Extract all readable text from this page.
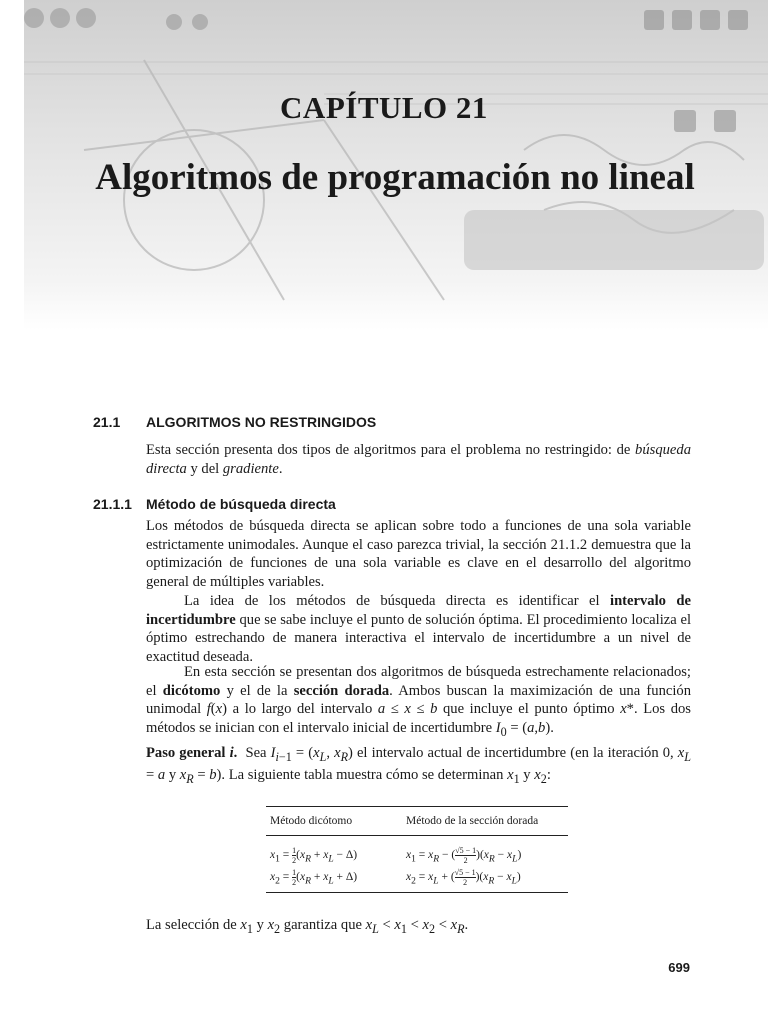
CAPÍTULO 21
Algoritmos de programación no lineal
21.1 ALGORITMOS NO RESTRINGIDOS
Esta sección presenta dos tipos de algoritmos para el problema no restringido: de búsqueda directa y del gradiente.
21.1.1 Método de búsqueda directa
Los métodos de búsqueda directa se aplican sobre todo a funciones de una sola variable estrictamente unimodales. Aunque el caso parezca trivial, la sección 21.1.2 demuestra que la optimización de funciones de una sola variable es clave en el desarrollo del algoritmo general de múltiples variables.
La idea de los métodos de búsqueda directa es identificar el intervalo de incertidumbre que se sabe incluye el punto de solución óptima. El procedimiento localiza el óptimo estrechando de manera interactiva el intervalo de incertidumbre a un nivel de exactitud deseada.
En esta sección se presentan dos algoritmos de búsqueda estrechamente relacionados; el dicótomo y el de la sección dorada. Ambos buscan la maximización de una función unimodal f(x) a lo largo del intervalo a ≤ x ≤ b que incluye el punto óptimo x*. Los dos métodos se inician con el intervalo inicial de incertidumbre $I_0 = (a,b)$.
Paso general i.  Sea $I_{i-1} = (x_L$, $x_R$) el intervalo actual de incertidumbre (en la iteración 0, $x_L = a$ y $x_R = b$). La siguiente tabla muestra cómo se determinan $x_1$ y $x_2$:
Método dicótomo	Método de la sección dorada
$x_1 = \frac{1}{2} (x_R + x_L - \Delta)$	$x_1 = x_R$ − ( $\frac{√5 - 1}{2} )(x_R - x_L)$
$x_2 = \frac{1}{2} (x_R + x_L + \Delta)$	$x_2 = x_L$ + ( $\frac{√5 - 1}{2} )(x_R - x_L)$
La selección de $x_1$ y $x_2$ garantiza que $x_L < x_1 < x_2 < x_R$.
699
